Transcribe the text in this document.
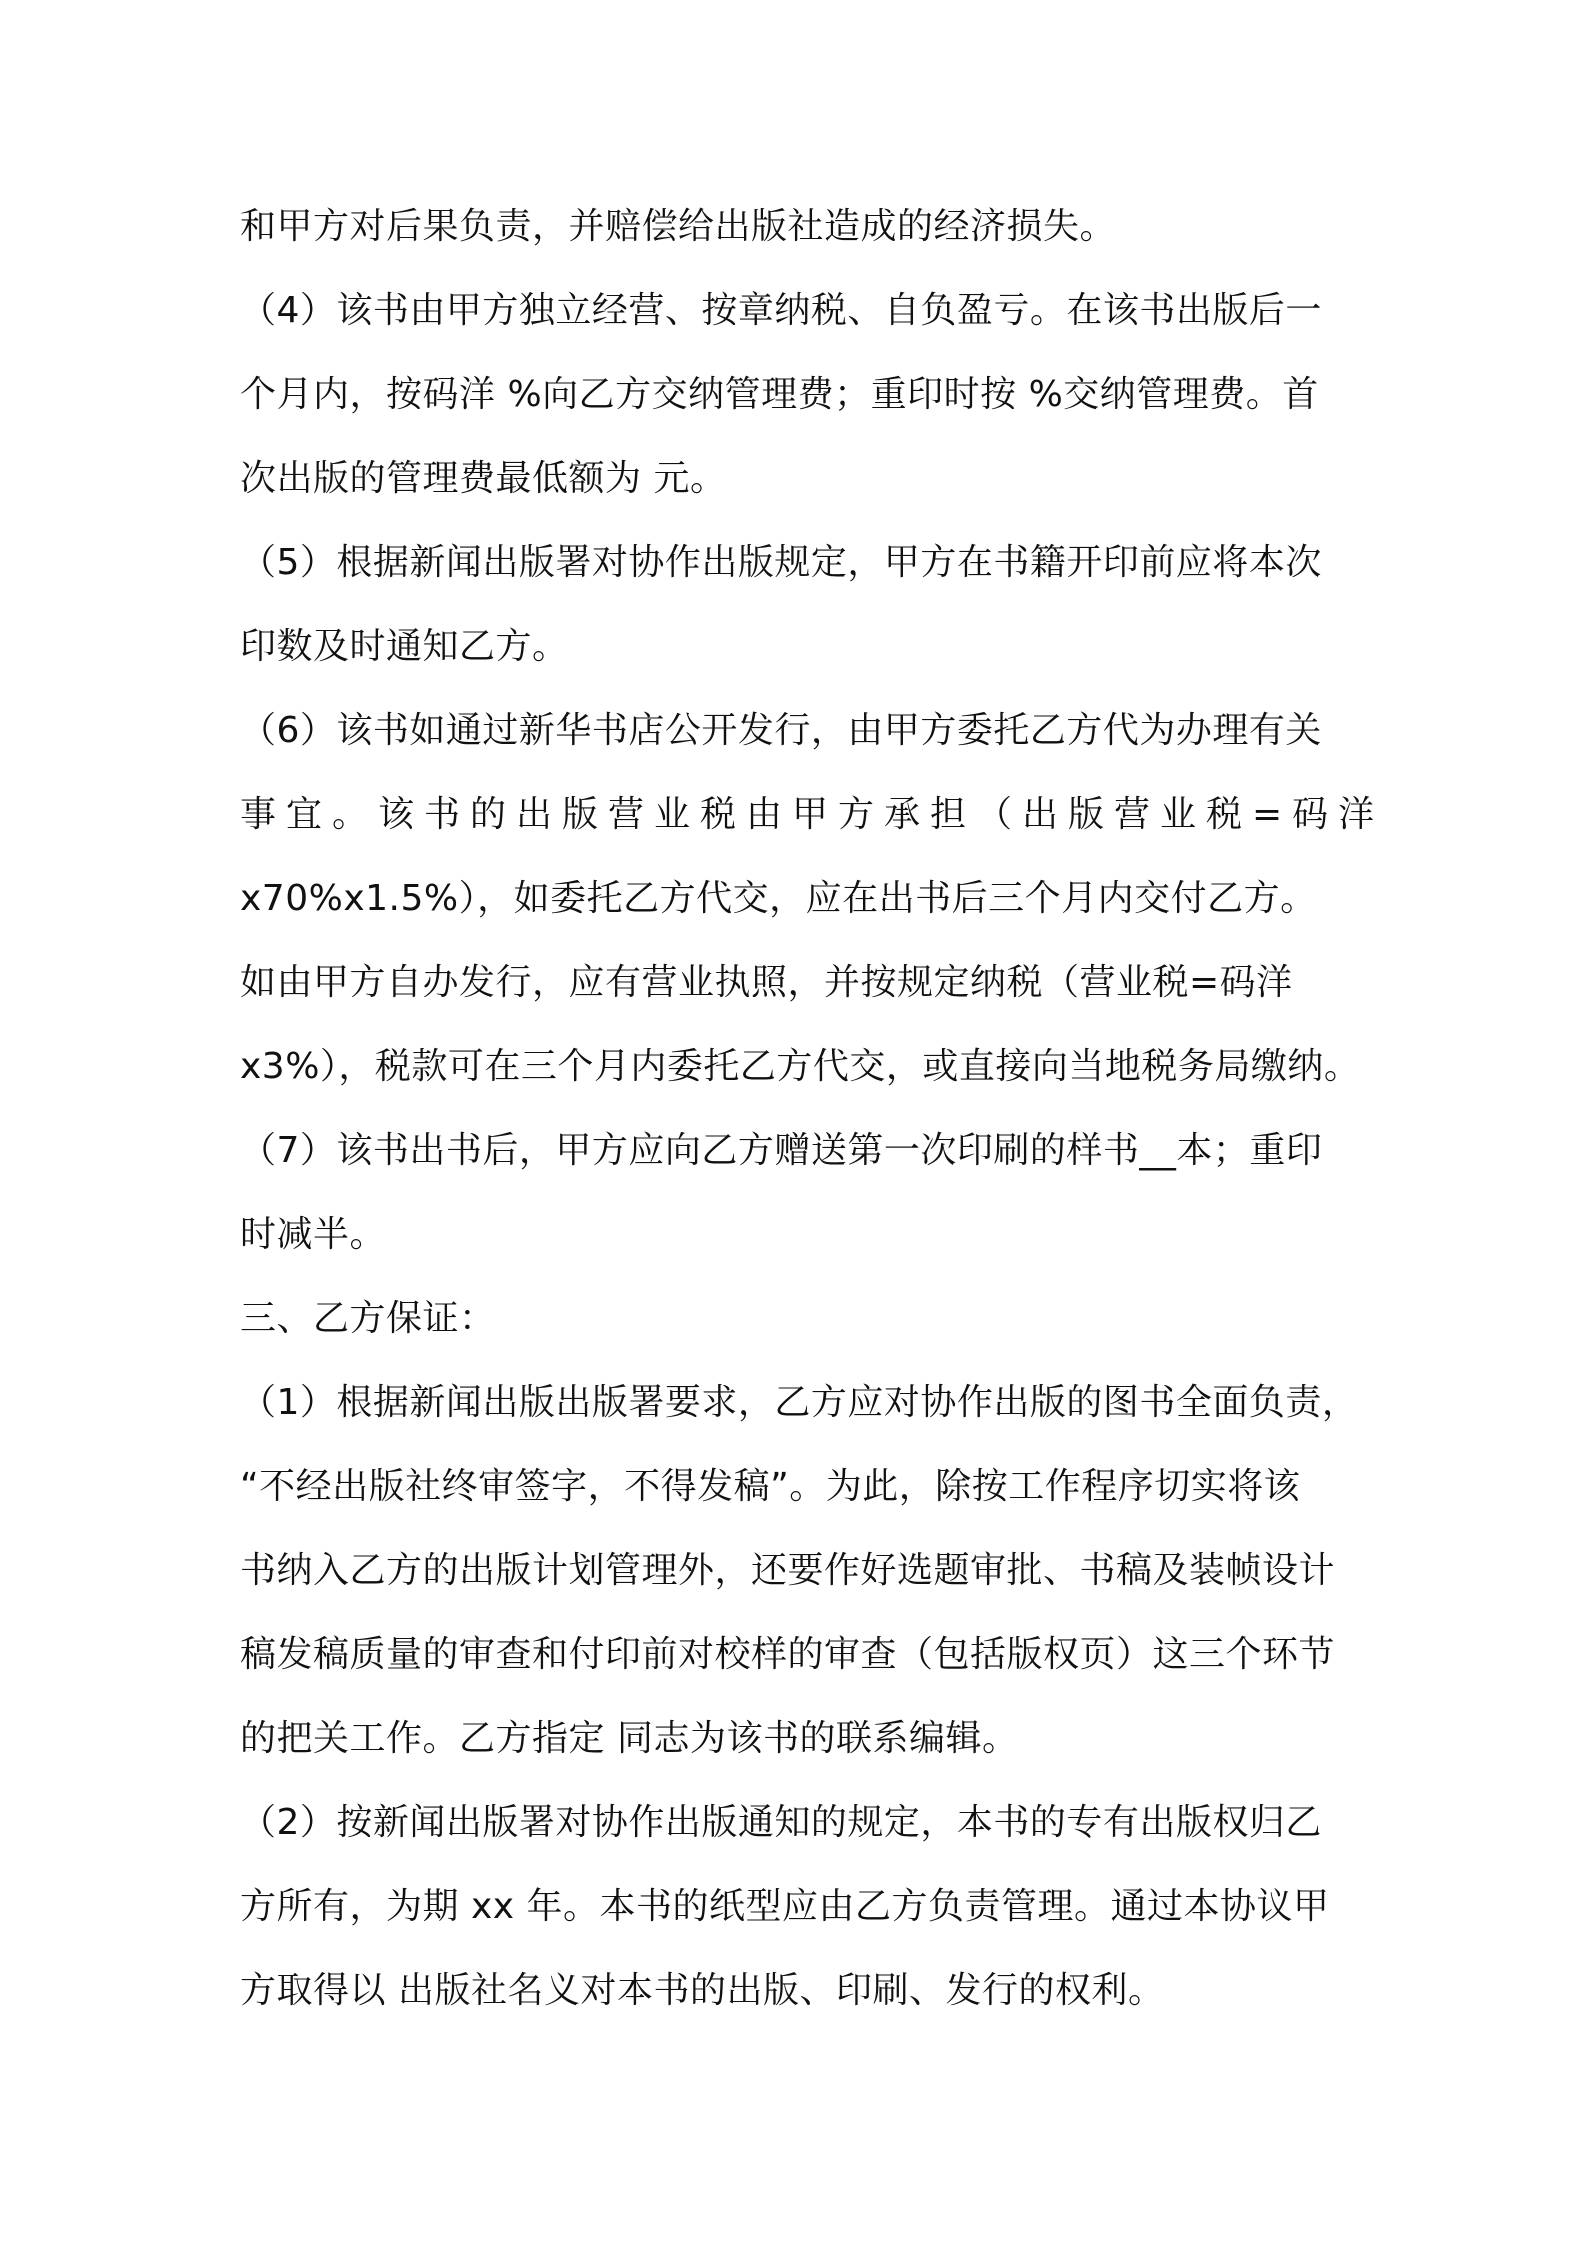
和甲方对后果负责，并赔偿给出版社造成的经济损失。
（4）该书由甲方独立经营、按章纳税、自负盈亏。在该书出版后一
个月内，按码洋 %向乙方交纳管理费；重印时按 %交纳管理费。首
次出版的管理费最低额为 元。
（5）根据新闻出版署对协作出版规定，甲方在书籍开印前应将本次
印数及时通知乙方。
（6）该书如通过新华书店公开发行，由甲方委托乙方代为办理有关
事宜。该书的出版营业税由甲方承担（出版营业税=码洋
x70%x1.5%），如委托乙方代交，应在出书后三个月内交付乙方。
如由甲方自办发行，应有营业执照，并按规定纳税（营业税=码洋
x3%），税款可在三个月内委托乙方代交，或直接向当地税务局缴纳。
（7）该书出书后，甲方应向乙方赠送第一次印刷的样书__本；重印
时减半。
三、乙方保证：
（1）根据新闻出版出版署要求，乙方应对协作出版的图书全面负责，
“不经出版社终审签字，不得发稿”。为此，除按工作程序切实将该
书纳入乙方的出版计划管理外，还要作好选题审批、书稿及装帧设计
稿发稿质量的审查和付印前对校样的审查（包括版权页）这三个环节
的把关工作。乙方指定 同志为该书的联系编辑。
（2）按新闻出版署对协作出版通知的规定，本书的专有出版权归乙
方所有，为期 xx 年。本书的纸型应由乙方负责管理。通过本协议甲
方取得以 出版社名义对本书的出版、印刷、发行的权利。
